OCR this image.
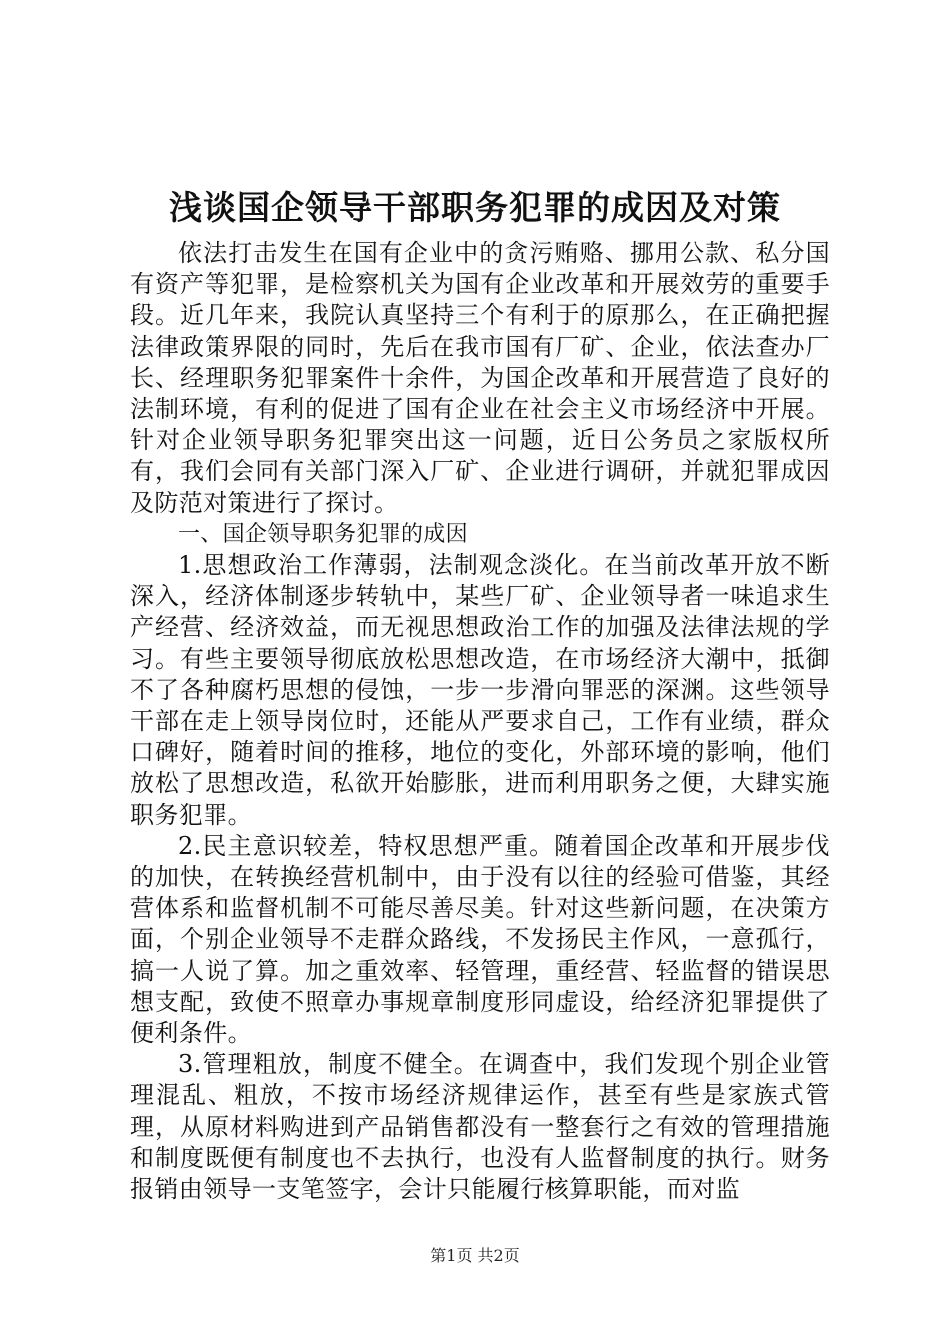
浅谈国企领导干部职务犯罪的成因及对策

依法打击发生在国有企业中的贪污贿赂、挪用公款、私分国有资产等犯罪，是检察机关为国有企业改革和开展效劳的重要手段。近几年来，我院认真坚持三个有利于的原那么，在正确把握法律政策界限的同时，先后在我市国有厂矿、企业，依法查办厂长、经理职务犯罪案件十余件，为国企改革和开展营造了良好的法制环境，有利的促进了国有企业在社会主义市场经济中开展。针对企业领导职务犯罪突出这一问题，近日公务员之家版权所有，我们会同有关部门深入厂矿、企业进行调研，并就犯罪成因及防范对策进行了探讨。

一、国企领导职务犯罪的成因

1.思想政治工作薄弱，法制观念淡化。在当前改革开放不断深入，经济体制逐步转轨中，某些厂矿、企业领导者一味追求生产经营、经济效益，而无视思想政治工作的加强及法律法规的学习。有些主要领导彻底放松思想改造，在市场经济大潮中，抵御不了各种腐朽思想的侵蚀，一步一步滑向罪恶的深渊。这些领导干部在走上领导岗位时，还能从严要求自己，工作有业绩，群众口碑好，随着时间的推移，地位的变化，外部环境的影响，他们放松了思想改造，私欲开始膨胀，进而利用职务之便，大肆实施职务犯罪。

2.民主意识较差，特权思想严重。随着国企改革和开展步伐的加快，在转换经营机制中，由于没有以往的经验可借鉴，其经营体系和监督机制不可能尽善尽美。针对这些新问题，在决策方面，个别企业领导不走群众路线，不发扬民主作风，一意孤行，搞一人说了算。加之重效率、轻管理，重经营、轻监督的错误思想支配，致使不照章办事规章制度形同虚设，给经济犯罪提供了便利条件。

3.管理粗放，制度不健全。在调查中，我们发现个别企业管理混乱、粗放，不按市场经济规律运作，甚至有些是家族式管理，从原材料购进到产品销售都没有一整套行之有效的管理措施和制度既便有制度也不去执行，也没有人监督制度的执行。财务报销由领导一支笔签字，会计只能履行核算职能，而对监

第1页 共2页
